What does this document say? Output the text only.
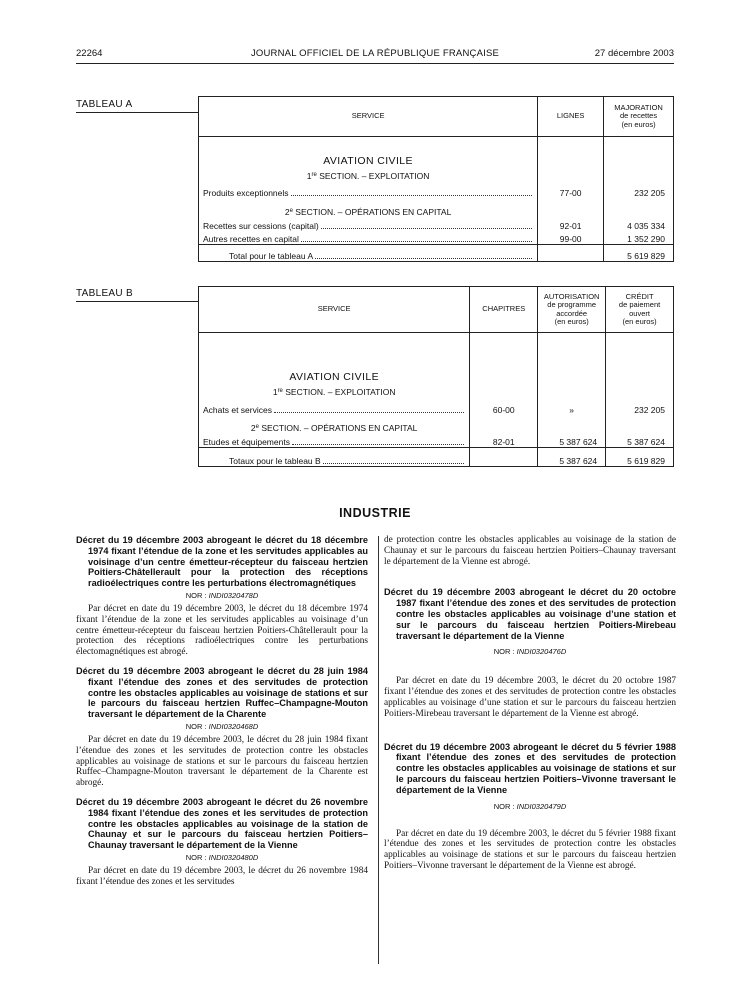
22264	JOURNAL OFFICIEL DE LA RÉPUBLIQUE FRANÇAISE	27 décembre 2003
TABLEAU A
SERVICE	LIGNES	MAJORATION
de recettes
(en euros)

AVIATION CIVILE		
1re SECTION. – EXPLOITATION		

Produits exceptionnels	77-00	232 205
2e SECTION. – OPÉRATIONS EN CAPITAL		

Recettes sur cessions (capital)	92-01	4 035 334

Autres recettes en capital	99-00	1 352 290

Total pour le tableau A		5 619 829
TABLEAU B
SERVICE	CHAPITRES	AUTORISATION
de programme
accordée
(en euros)	CRÉDIT
de paiement
ouvert
(en euros)

AVIATION CIVILE			
1re SECTION. – EXPLOITATION			

Achats et services	60-00	»	232 205
2e SECTION. – OPÉRATIONS EN CAPITAL			

Etudes et équipements	82-01	5 387 624	5 387 624

Totaux pour le tableau B		5 387 624	5 619 829
INDUSTRIE
Décret du 19 décembre 2003 abrogeant le décret du 18 décembre 1974 fixant l’étendue de la zone et les servitudes applicables au voisinage d’un centre émetteur-récepteur du faisceau hertzien Poitiers-Châtellerault pour la protection des réceptions radioélectriques contre les perturbations électromagnétiques
NOR : INDI0320478D
Par décret en date du 19 décembre 2003, le décret du 18 décembre 1974 fixant l’étendue de la zone et les servitudes applicables au voisinage d’un centre émetteur-récepteur du faisceau hertzien Poitiers-Châtellerault pour la protection des réceptions radioélectriques contre les perturbations électomagnétiques est abrogé.
Décret du 19 décembre 2003 abrogeant le décret du 28 juin 1984 fixant l’étendue des zones et des servitudes de protection contre les obstacles applicables au voisinage de stations et sur le parcours du faisceau hertzien Ruffec–Champagne-Mouton traversant le département de la Charente
NOR : INDI0320468D
Par décret en date du 19 décembre 2003, le décret du 28 juin 1984 fixant l’étendue des zones et les servitudes de protection contre les obstacles applicables au voisinage de stations et sur le parcours du faisceau hertzien Ruffec–Champagne-Mouton traversant le département de la Charente est abrogé.
Décret du 19 décembre 2003 abrogeant le décret du 26 novembre 1984 fixant l’étendue des zones et les servitudes de protection contre les obstacles applicables au voisinage de la station de Chaunay et sur le parcours du faisceau hertzien Poitiers–Chaunay traversant le département de la Vienne
NOR : INDI0320480D
Par décret en date du 19 décembre 2003, le décret du 26 novembre 1984 fixant l’étendue des zones et les servitudes
de protection contre les obstacles applicables au voisinage de la station de Chaunay et sur le parcours du faisceau hertzien Poitiers–Chaunay traversant le département de la Vienne est abrogé.
Décret du 19 décembre 2003 abrogeant le décret du 20 octobre 1987 fixant l’étendue des zones et des servitudes de protection contre les obstacles applicables au voisinage d’une station et sur le parcours du faisceau hertzien Poitiers-Mirebeau traversant le département de la Vienne
NOR : INDI0320476D
Par décret en date du 19 décembre 2003, le décret du 20 octobre 1987 fixant l’étendue des zones et des servitudes de protection contre les obstacles applicables au voisinage d’une station et sur le parcours du faisceau hertzien Poitiers-Mirebeau traversant le département de la Vienne est abrogé.
Décret du 19 décembre 2003 abrogeant le décret du 5 février 1988 fixant l’étendue des zones et des servitudes de protection contre les obstacles applicables au voisinage de stations et sur le parcours du faisceau hertzien Poitiers–Vivonne traversant le département de la Vienne
NOR : INDI0320479D
Par décret en date du 19 décembre 2003, le décret du 5 février 1988 fixant l’étendue des zones et les servitudes de protection contre les obstacles applicables au voisinage de stations et sur le parcours du faisceau hertzien Poitiers–Vivonne traversant le département de la Vienne est abrogé.
